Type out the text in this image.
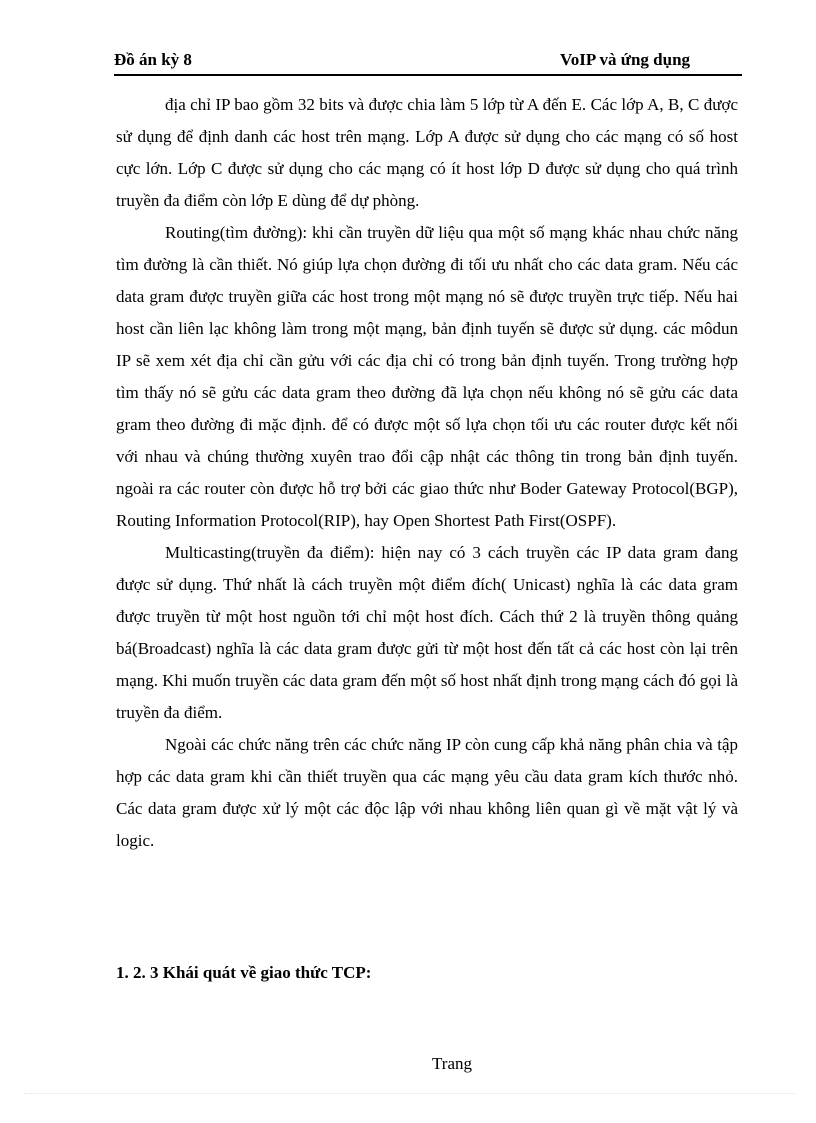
Đồ án kỳ 8	VoIP và ứng dụng

địa chỉ IP bao gồm 32 bits và được chia làm 5 lớp từ A đến E. Các lớp A, B, C được sử dụng để định danh các host trên mạng. Lớp A được sử dụng cho các mạng có số host cực lớn. Lớp C được sử dụng cho các mạng có ít host lớp D được sử dụng cho quá trình truyền đa điểm còn lớp E dùng để dự phòng.

Routing(tìm đường): khi cần truyền dữ liệu qua một số mạng khác nhau chức năng tìm đường là cần thiết. Nó giúp lựa chọn đường đi tối ưu nhất cho các data gram. Nếu các data gram được truyền giữa các host trong một mạng nó sẽ được truyền trực tiếp. Nếu hai host cần liên lạc không làm trong một mạng, bản định tuyến sẽ được sử dụng. các môdun IP sẽ xem xét địa chỉ cần gửu với các địa chỉ có trong bản định tuyến. Trong trường hợp tìm thấy nó sẽ gửu các data gram theo đường đã lựa chọn nếu không nó sẽ gửu các data gram theo đường đi mặc định. để có được một số lựa chọn tối ưu các router được kết nối với nhau và chúng thường xuyên trao đổi cập nhật các thông tin trong bản định tuyến. ngoài ra các router còn được hỗ trợ bởi các giao thức như Boder Gateway Protocol(BGP), Routing Information Protocol(RIP), hay Open Shortest Path First(OSPF).

Multicasting(truyền đa điểm): hiện nay có 3 cách truyền các IP data gram đang được sử dụng. Thứ nhất là cách truyền một điểm đích( Unicast) nghĩa là các data gram được truyền từ một host nguồn tới chỉ một host đích. Cách thứ 2 là truyền thông quảng bá(Broadcast) nghĩa là các data gram được gửi từ một host đến tất cả các host còn lại trên mạng. Khi muốn truyền các data gram đến một số host nhất định trong mạng cách đó gọi là truyền đa điểm.

Ngoài các chức năng trên các chức năng IP còn cung cấp khả năng phân chia và tập hợp các data gram khi cần thiết truyền qua các mạng yêu cầu data gram kích thước nhỏ. Các data gram được xử lý một các độc lập với nhau không liên quan gì về mặt vật lý và logic.

1. 2. 3 Khái quát về giao thức TCP:
Trang
